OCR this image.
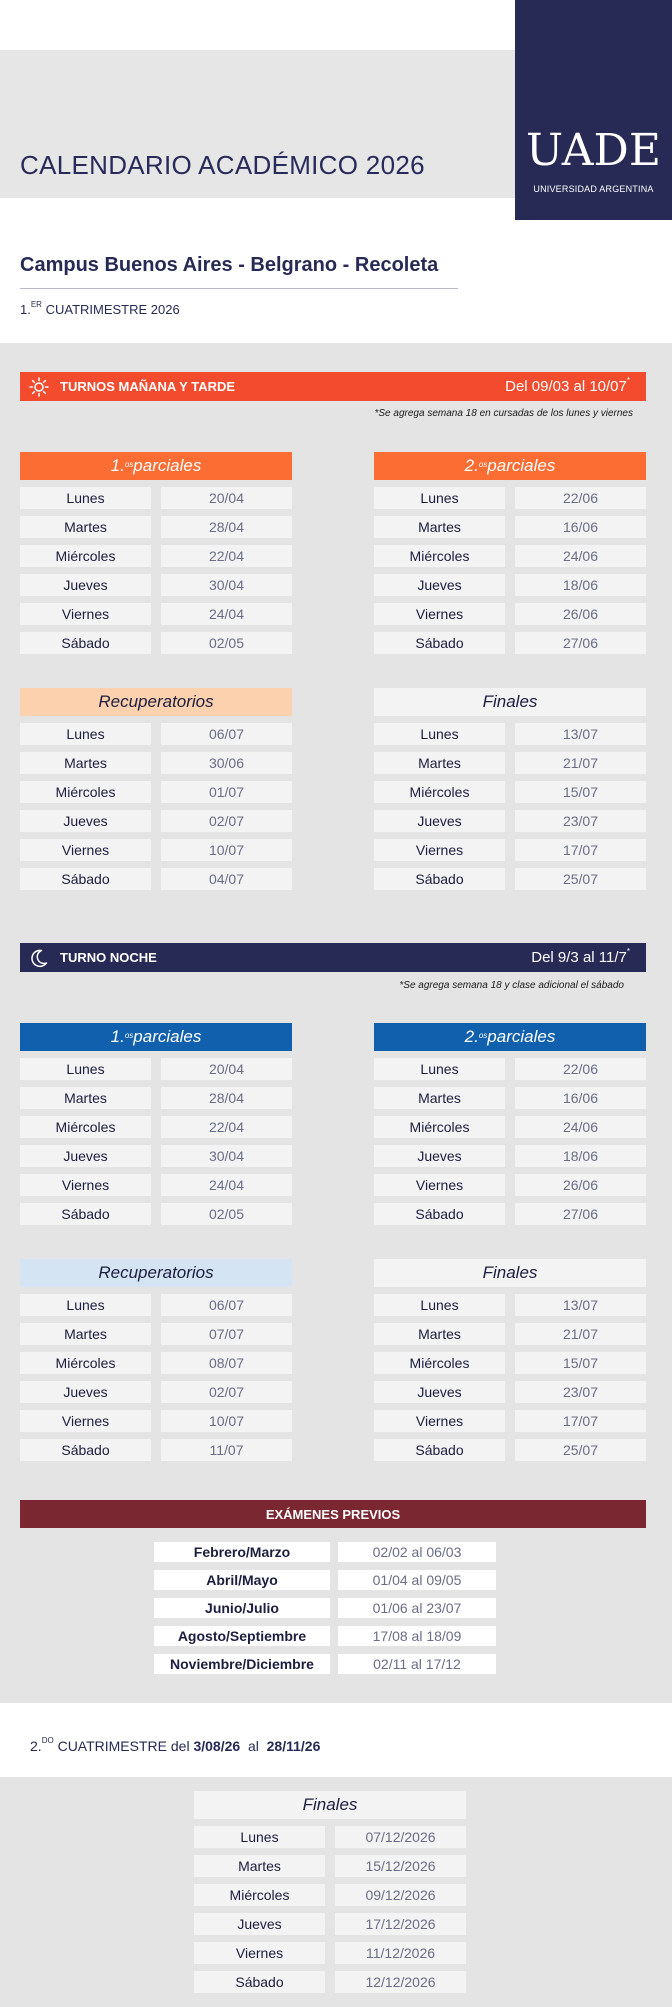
CALENDARIO ACADÉMICO 2026 UADE
UNIVERSIDAD ARGENTINA
Campus Buenos Aires - Belgrano - Recoleta
1.$^{ER}$ CUATRIMESTRE 2026
TURNOS MAÑANA Y TARDE	Del 09/03 al 10/07*
*Se agrega semana 18 en cursadas de los lunes y viernes
1.$^{os}$ parciales
Lunes	20/04
Martes	28/04
Miércoles	22/04
Jueves	30/04
Viernes	24/04
Sábado	02/05
2.$^{os}$ parciales
Lunes	22/06
Martes	16/06
Miércoles	24/06
Jueves	18/06
Viernes	26/06
Sábado	27/06
Recuperatorios
Lunes	06/07
Martes	30/06
Miércoles	01/07
Jueves	02/07
Viernes	10/07
Sábado	04/07
Finales
Lunes	13/07
Martes	21/07
Miércoles	15/07
Jueves	23/07
Viernes	17/07
Sábado	25/07
TURNO NOCHE	Del 9/3 al 11/7*
*Se agrega semana 18 y clase adicional el sábado
1.$^{os}$ parciales
Lunes	20/04
Martes	28/04
Miércoles	22/04
Jueves	30/04
Viernes	24/04
Sábado	02/05
2.$^{os}$ parciales
Lunes	22/06
Martes	16/06
Miércoles	24/06
Jueves	18/06
Viernes	26/06
Sábado	27/06
Recuperatorios
Lunes	06/07
Martes	07/07
Miércoles	08/07
Jueves	02/07
Viernes	10/07
Sábado	11/07
Finales
Lunes	13/07
Martes	21/07
Miércoles	15/07
Jueves	23/07
Viernes	17/07
Sábado	25/07
EXÁMENES PREVIOS
Febrero/Marzo	02/02 al 06/03
Abril/Mayo	01/04 al 09/05
Junio/Julio	01/06 al 23/07
Agosto/Septiembre	17/08 al 18/09
Noviembre/Diciembre	02/11 al 17/12
2.$^{DO}$ CUATRIMESTRE del 3/08/26  al  28/11/26
Finales
Lunes	07/12/2026
Martes	15/12/2026
Miércoles	09/12/2026
Jueves	17/12/2026
Viernes	11/12/2026
Sábado	12/12/2026
